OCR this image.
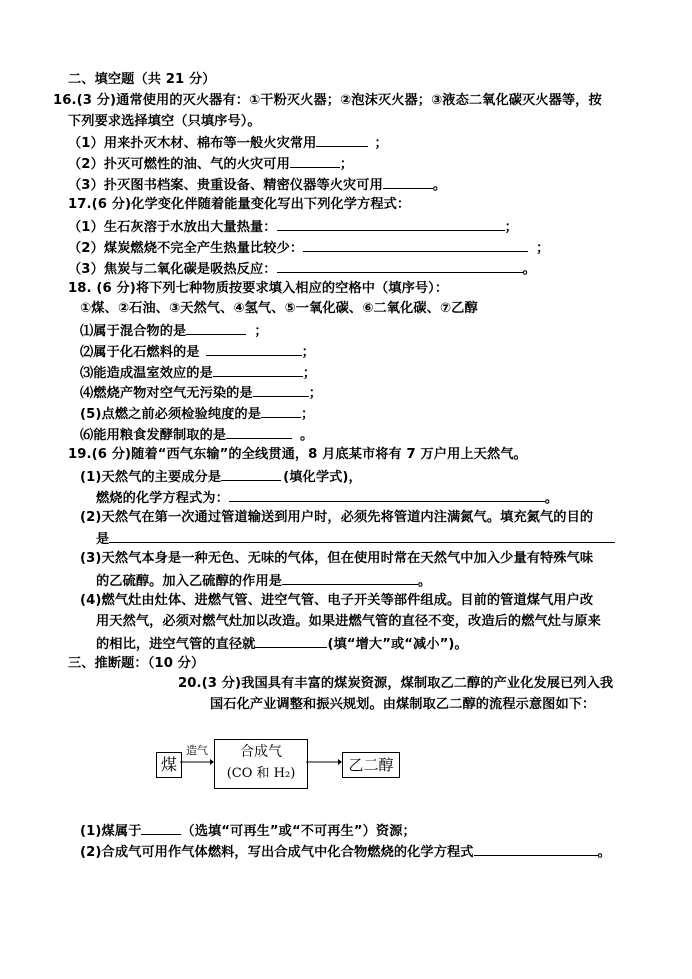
二、填空题（共 21 分）
16.(3 分)通常使用的灭火器有：①干粉灭火器；②泡沫灭火器；③液态二氧化碳灭火器等，按
下列要求选择填空（只填序号）。
（1）用来扑灭木材、棉布等一般火灾常用	；
（2）扑灭可燃性的油、气的火灾可用	；
（3）扑灭图书档案、贵重设备、精密仪器等火灾可用	。
17.(6 分)化学变化伴随着能量变化写出下列化学方程式：
（1）生石灰溶于水放出大量热量：	；
（2）煤炭燃烧不完全产生热量比较少：	；
（3）焦炭与二氧化碳是吸热反应：	。
18. (6 分)将下列七种物质按要求填入相应的空格中（填序号）：
①煤、②石油、③天然气、④氢气、⑤一氧化碳、⑥二氧化碳、⑦乙醇
⑴属于混合物的是	；
⑵属于化石燃料的是	；
⑶能造成温室效应的是	；
⑷燃烧产物对空气无污染的是	；
(5)点燃之前必须检验纯度的是	；
⑹能用粮食发酵制取的是	。
19.(6 分)随着“西气东输”的全线贯通，8 月底某市将有 7 万户用上天然气。
(1)天然气的主要成分是	(填化学式)，
燃烧的化学方程式为：	。
(2)天然气在第一次通过管道输送到用户时，必须先将管道内注满氮气。填充氮气的目的
是
(3)天然气本身是一种无色、无味的气体，但在使用时常在天然气中加入少量有特殊气味
的乙硫醇。加入乙硫醇的作用是	。
(4)燃气灶由灶体、进燃气管、进空气管、电子开关等部件组成。目前的管道煤气用户改
用天然气，必须对燃气灶加以改造。如果进燃气管的直径不变，改造后的燃气灶与原来
的相比，进空气管的直径就	(填“增大”或“减小”)。
三、推断题：（10 分）
20.(3 分)我国具有丰富的煤炭资源，煤制取乙二醇的产业化发展已列入我
国石化产业调整和振兴规划。由煤制取乙二醇的流程示意图如下：
煤
造气	合成气
(CO 和 H₂)	乙二醇
(1)煤属于	（选填“可再生”或“不可再生”）资源；
(2)合成气可用作气体燃料，写出合成气中化合物燃烧的化学方程式	。
